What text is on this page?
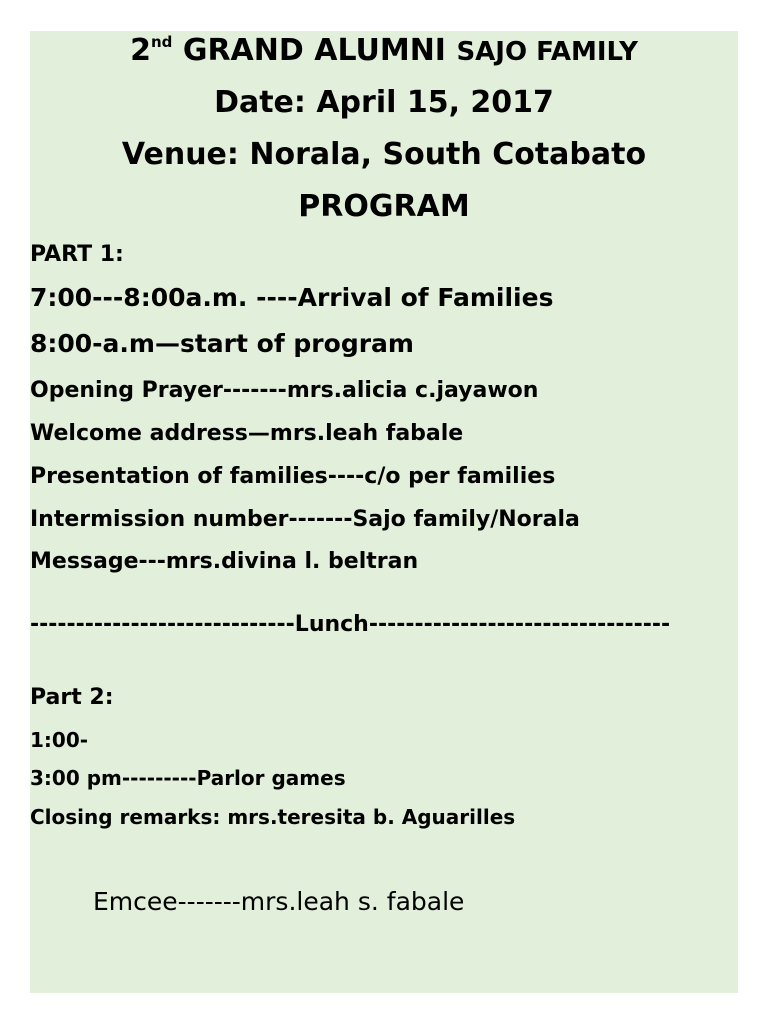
2nd GRAND ALUMNI SAJO FAMILY
Date: April 15, 2017
Venue: Norala, South Cotabato
PROGRAM
PART 1:
7:00---8:00a.m. ----Arrival of Families
8:00-a.m—start of program
Opening Prayer-------mrs.alicia c.jayawon
Welcome address—mrs.leah fabale
Presentation of families----c/o per families
Intermission number-------Sajo family/Norala
Message---mrs.divina l. beltran
-----------------------------Lunch---------------------------------
Part 2:
1:00-
3:00 pm---------Parlor games
Closing remarks: mrs.teresita b. Aguarilles
Emcee-------mrs.leah s. fabale
